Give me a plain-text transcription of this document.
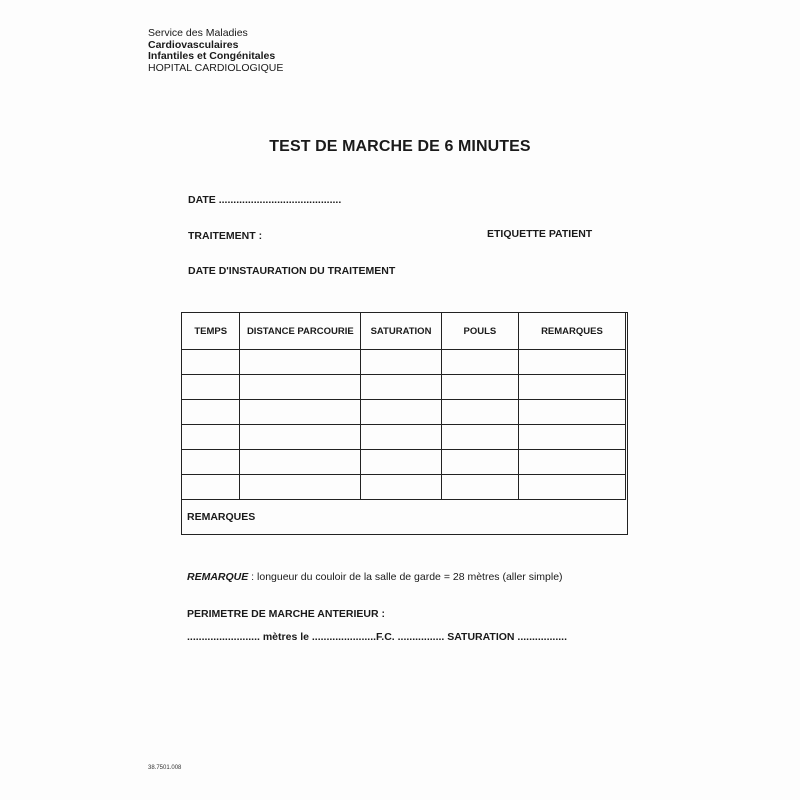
Service des Maladies
Cardiovasculaires
Infantiles et Congénitales
HOPITAL CARDIOLOGIQUE
TEST DE MARCHE DE 6 MINUTES
DATE ..........................................
TRAITEMENT :	ETIQUETTE PATIENT
DATE D'INSTAURATION DU TRAITEMENT
TEMPS	DISTANCE PARCOURIE	SATURATION	POULS	REMARQUES

REMARQUES
REMARQUE : longueur du couloir de la salle de garde = 28 mètres (aller simple)
PERIMETRE DE MARCHE ANTERIEUR :
......................... mètres le ......................F.C. ................ SATURATION .................
38.7501.008
